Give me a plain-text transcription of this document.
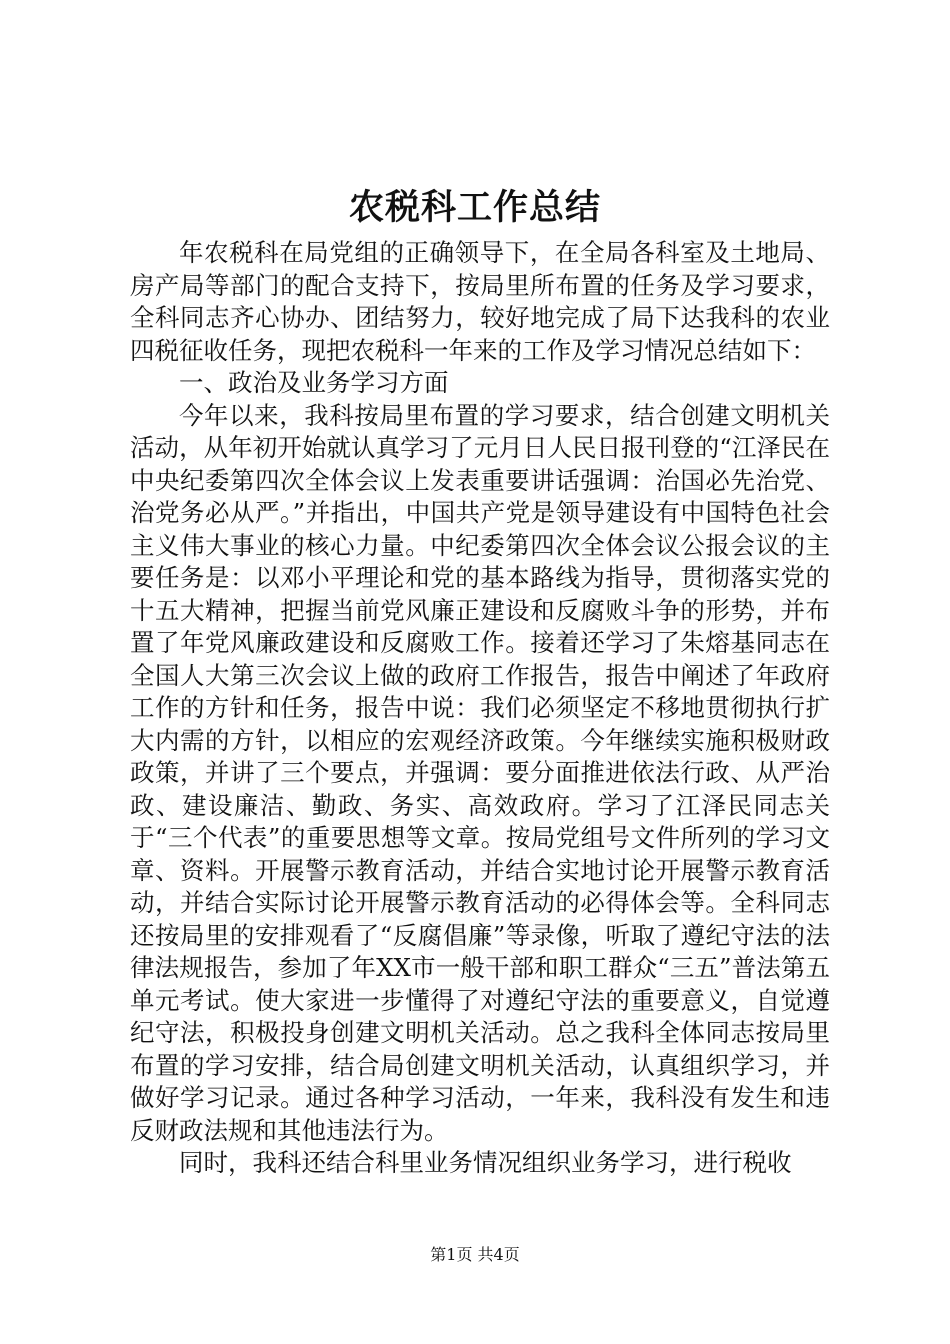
农税科工作总结

年农税科在局党组的正确领导下，在全局各科室及土地局、房产局等部门的配合支持下，按局里所布置的任务及学习要求，全科同志齐心协办、团结努力，较好地完成了局下达我科的农业四税征收任务，现把农税科一年来的工作及学习情况总结如下：

一、政治及业务学习方面

今年以来，我科按局里布置的学习要求，结合创建文明机关活动，从年初开始就认真学习了元月日人民日报刊登的“江泽民在中央纪委第四次全体会议上发表重要讲话强调：治国必先治党、治党务必从严。”并指出，中国共产党是领导建设有中国特色社会主义伟大事业的核心力量。中纪委第四次全体会议公报会议的主要任务是：以邓小平理论和党的基本路线为指导，贯彻落实党的十五大精神，把握当前党风廉正建设和反腐败斗争的形势，并布置了年党风廉政建设和反腐败工作。接着还学习了朱熔基同志在全国人大第三次会议上做的政府工作报告，报告中阐述了年政府工作的方针和任务，报告中说：我们必须坚定不移地贯彻执行扩大内需的方针，以相应的宏观经济政策。今年继续实施积极财政政策，并讲了三个要点，并强调：要分面推进依法行政、从严治政、建设廉洁、勤政、务实、高效政府。学习了江泽民同志关于“三个代表”的重要思想等文章。按局党组号文件所列的学习文章、资料。开展警示教育活动，并结合实地讨论开展警示教育活动，并结合实际讨论开展警示教育活动的必得体会等。全科同志还按局里的安排观看了“反腐倡廉”等录像，听取了遵纪守法的法律法规报告，参加了年XX市一般干部和职工群众“三五”普法第五单元考试。使大家进一步懂得了对遵纪守法的重要意义，自觉遵纪守法，积极投身创建文明机关活动。总之我科全体同志按局里布置的学习安排，结合局创建文明机关活动，认真组织学习，并做好学习记录。通过各种学习活动，一年来，我科没有发生和违反财政法规和其他违法行为。

同时，我科还结合科里业务情况组织业务学习，进行税收

第1页 共4页
